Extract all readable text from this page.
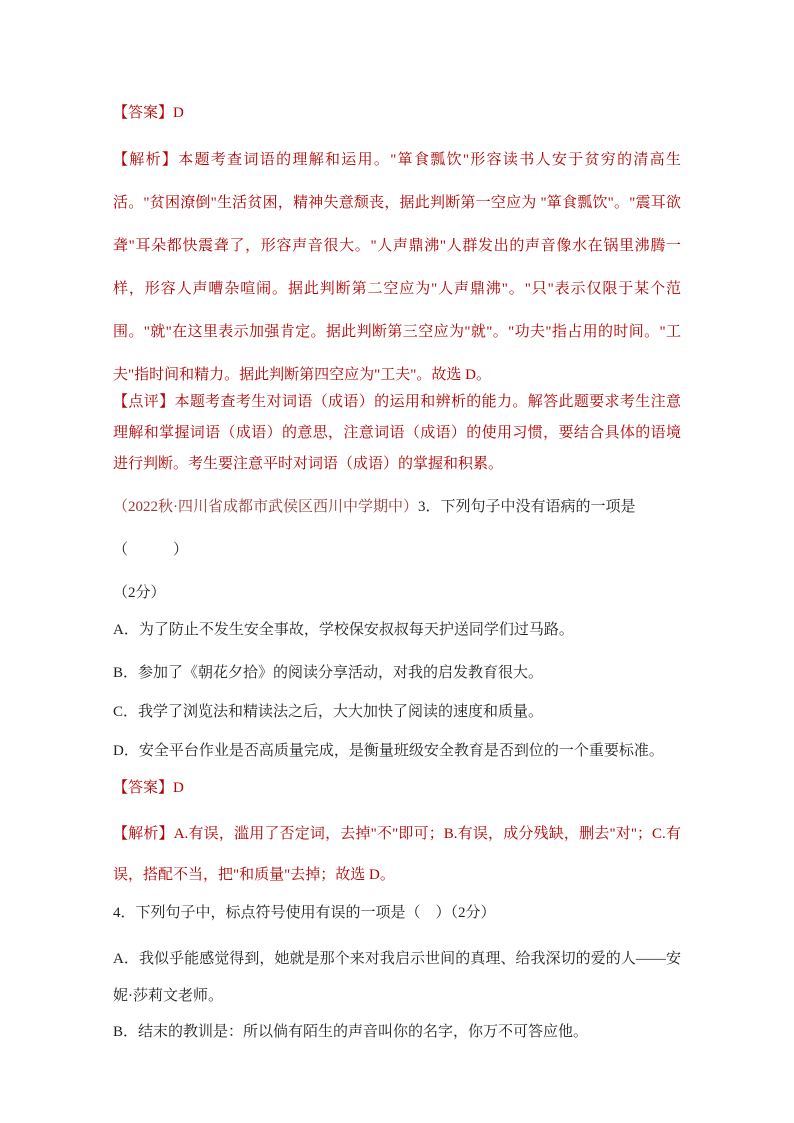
【答案】D

【解析】本题考查词语的理解和运用。"箪食瓢饮"形容读书人安于贫穷的清高生活。"贫困潦倒"生活贫困，精神失意颓丧，据此判断第一空应为 "箪食瓢饮"。"震耳欲聋"耳朵都快震聋了，形容声音很大。"人声鼎沸"人群发出的声音像水在锅里沸腾一样，形容人声嘈杂喧闹。据此判断第二空应为"人声鼎沸"。"只"表示仅限于某个范围。"就"在这里表示加强肯定。据此判断第三空应为"就"。"功夫"指占用的时间。"工夫"指时间和精力。据此判断第四空应为"工夫"。故选 D。

【点评】本题考查考生对词语（成语）的运用和辨析的能力。解答此题要求考生注意理解和掌握词语（成语）的意思，注意词语（成语）的使用习惯，要结合具体的语境进行判断。考生要注意平时对词语（成语）的掌握和积累。

（2022秋·四川省成都市武侯区西川中学期中）3．下列句子中没有语病的一项是（　　　）

（2分）

A．为了防止不发生安全事故，学校保安叔叔每天护送同学们过马路。

B．参加了《朝花夕拾》的阅读分享活动，对我的启发教育很大。

C．我学了浏览法和精读法之后，大大加快了阅读的速度和质量。

D．安全平台作业是否高质量完成，是衡量班级安全教育是否到位的一个重要标准。

【答案】D

【解析】A.有误，滥用了否定词，去掉"不"即可；B.有误，成分残缺，删去"对"；C.有误，搭配不当，把"和质量"去掉；故选 D。

4．下列句子中，标点符号使用有误的一项是（　）（2分）

A．我似乎能感觉得到，她就是那个来对我启示世间的真理、给我深切的爱的人——安妮·莎莉文老师。

B．结末的教训是：所以倘有陌生的声音叫你的名字，你万不可答应他。
